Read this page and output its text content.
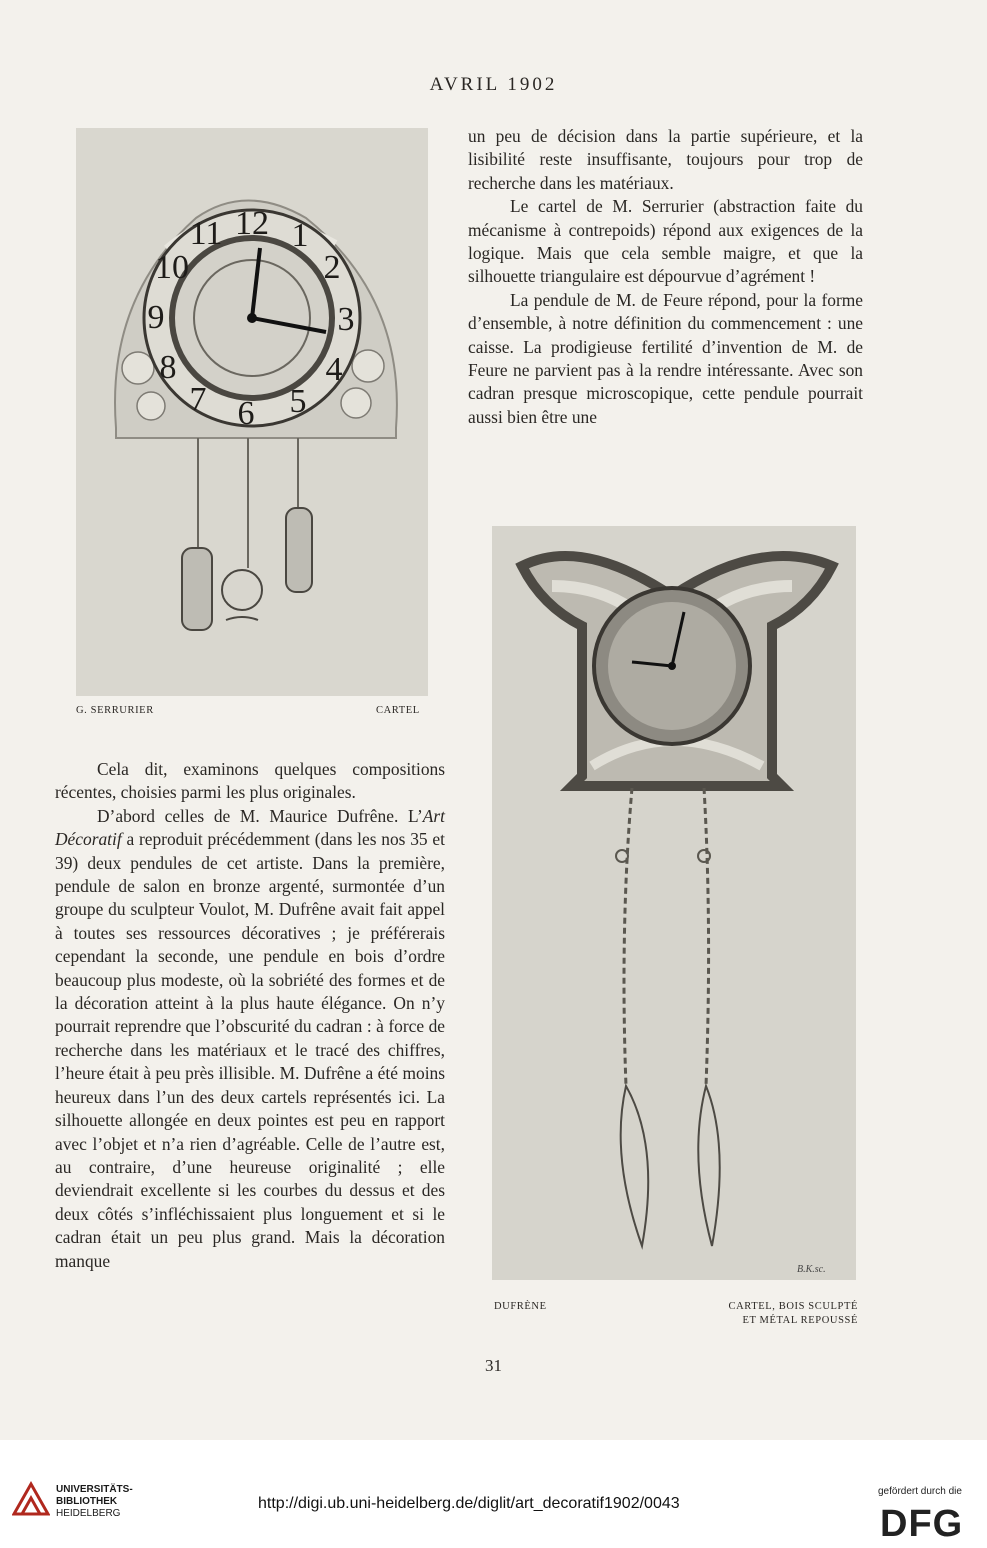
AVRIL 1902
12 1
2
3
4
5
6
7
8
9
10
11
G. SERRURIER	CARTEL

un peu de décision dans la partie supérieure, et la lisibilité reste insuffisante, toujours pour trop de recherche dans les matériaux.

Le cartel de M. Serrurier (abstraction faite du mécanisme à contrepoids) répond aux exigences de la logique. Mais que cela semble maigre, et que la silhouette triangulaire est dépourvue d’agrément !

La pendule de M. de Feure répond, pour la forme d’ensemble, à notre définition du commencement : une caisse. La prodigieuse fertilité d’invention de M. de Feure ne parvient pas à la rendre intéressante. Avec son cadran presque microscopique, cette pendule pourrait aussi bien être une

B.K.sc.
DUFRÈNE	CARTEL, BOIS SCULPTÉ
ET MÉTAL REPOUSSÉ

Cela dit, examinons quelques compositions récentes, choisies parmi les plus originales.

D’abord celles de M. Maurice Dufrêne. L’Art Décoratif a reproduit précédemment (dans les nos 35 et 39) deux pendules de cet artiste. Dans la première, pendule de salon en bronze argenté, surmontée d’un groupe du sculpteur Voulot, M. Dufrêne avait fait appel à toutes ses ressources décoratives ; je préférerais cependant la seconde, une pendule en bois d’ordre beaucoup plus modeste, où la sobriété des formes et de la décoration atteint à la plus haute élégance. On n’y pourrait reprendre que l’obscurité du cadran : à force de recherche dans les matériaux et le tracé des chiffres, l’heure était à peu près illisible. M. Dufrêne a été moins heureux dans l’un des deux cartels représentés ici. La silhouette allongée en deux pointes est peu en rapport avec l’objet et n’a rien d’agréable. Celle de l’autre est, au contraire, d’une heureuse originalité ; elle deviendrait excellente si les courbes du dessus et des deux côtés s’infléchissaient plus longuement et si le cadran était un peu plus grand. Mais la décoration manque

31
UNIVERSITÄTS-
BIBLIOTHEK
HEIDELBERG
http://digi.ub.uni-heidelberg.de/diglit/art_decoratif1902/0043
gefördert durch die
DFG
